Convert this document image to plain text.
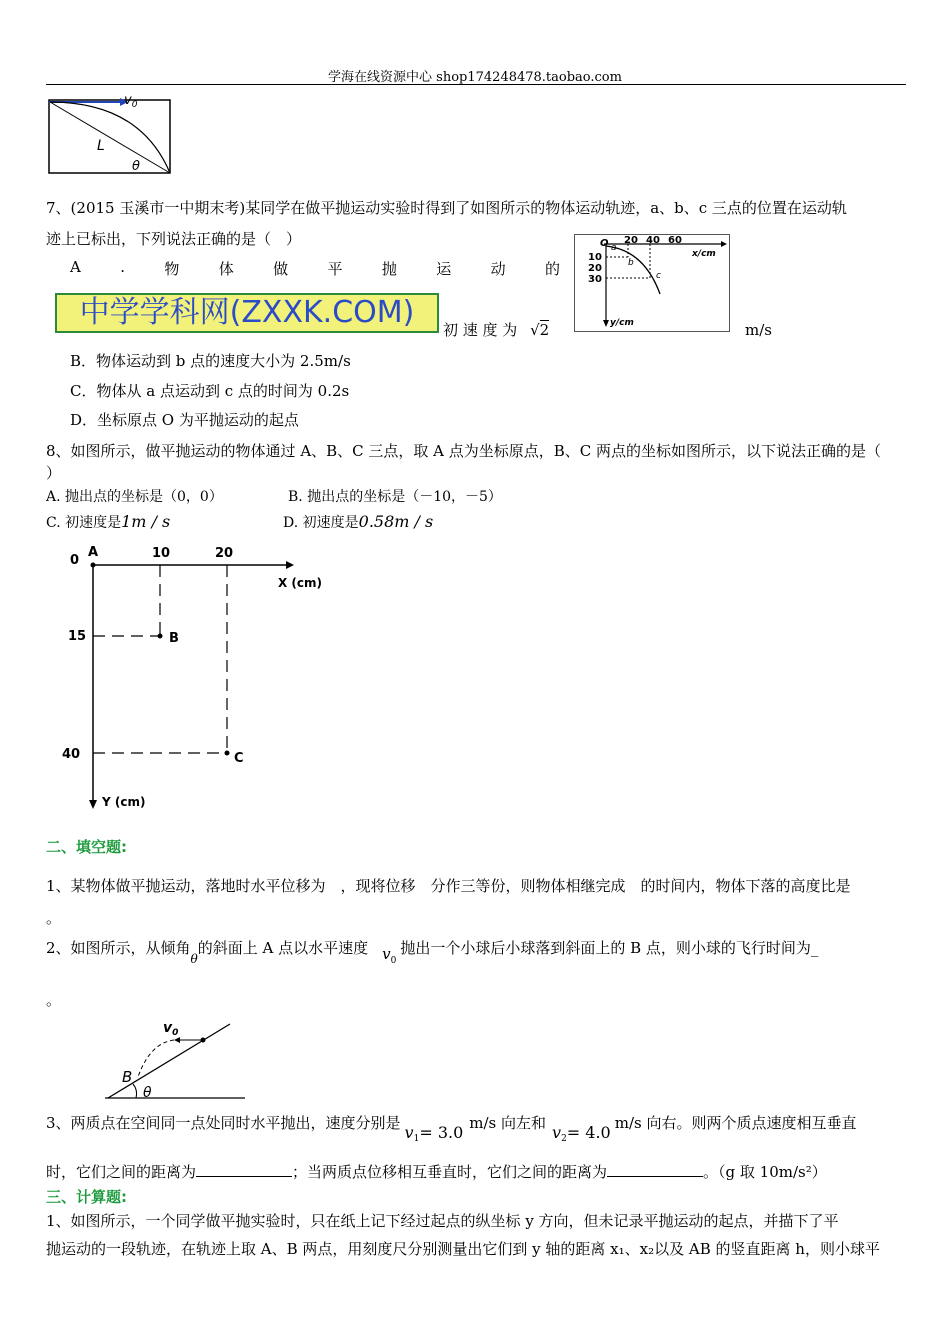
学海在线资源中心 shop174248478.taobao.com
$v_0$
L
θ
7、(2015 玉溪市一中期末考)某同学在做平抛运动实验时得到了如图所示的物体运动轨迹，a、b、c 三点的位置在运动轨
迹上已标出，下列说法正确的是（　）
A	.	物	体	做	平	抛	运	动	的
中学学科网(ZXXK.COM)	初 速 度 为 √2	m/s
B．物体运动到 b 点的速度大小为 2.5m/s
C．物体从 a 点运动到 c 点的时间为 0.2s
D．坐标原点 O 为平抛运动的起点
O 20 40 60
x/cm
10
20
30
y/cm
a
b
c
8、如图所示，做平抛运动的物体通过 A、B、C 三点，取 A 点为坐标原点，B、C 两点的坐标如图所示，以下说法正确的是（
）
A. 抛出点的坐标是（0，0）	B. 抛出点的坐标是（－10，－5）
C. 初速度是1m / s	D. 初速度是0.58m / s
0
A	10	20
X (cm)
15
40
B
C
Y (cm)
二、填空题:
1、某物体做平抛运动，落地时水平位移为　，现将位移　分作三等份，则物体相继完成　的时间内，物体下落的高度比是
。
2、如图所示，从倾角$_\theta$的斜面上 A 点以水平速度 $v_0$抛出一个小球后小球落到斜面上的 B 点，则小球的飞行时间为_
。
$v_0$
B
θ
3、两质点在空间同一点处同时水平抛出，速度分别是 $v_1= 3.0$ m/s 向左和 $v_2= 4.0$ m/s 向右。则两个质点速度相互垂直
时，它们之间的距离为	；当两质点位移相互垂直时，它们之间的距离为	。（g 取 10m/s²）
三、计算题:
1、如图所示，一个同学做平抛实验时，只在纸上记下经过起点的纵坐标 y 方向，但未记录平抛运动的起点，并描下了平
抛运动的一段轨迹，在轨迹上取 A、B 两点，用刻度尺分别测量出它们到 y 轴的距离 x₁、x₂以及 AB 的竖直距离 h，则小球平
